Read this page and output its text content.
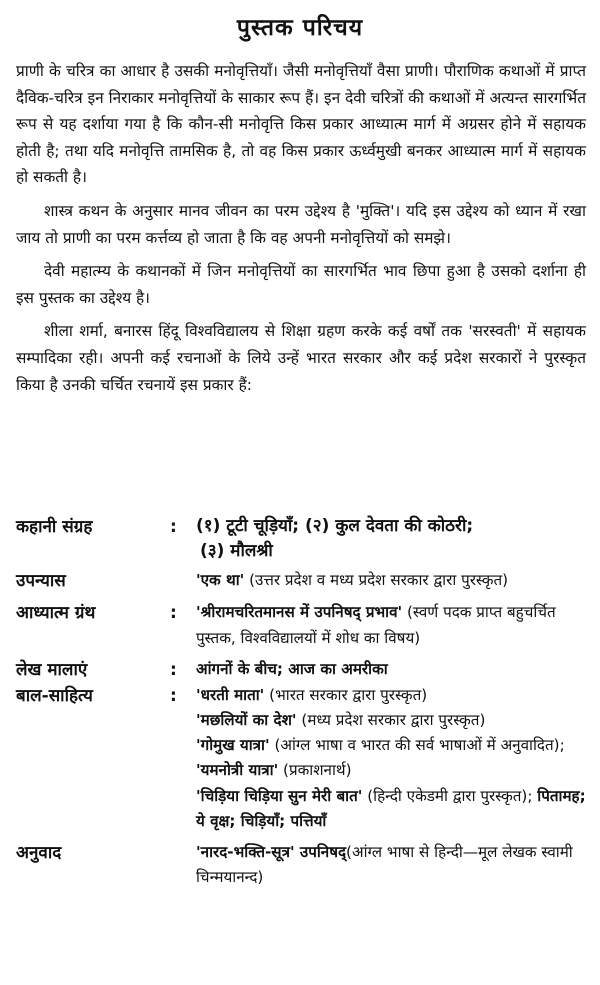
पुस्तक परिचय

प्राणी के चरित्र का आधार है उसकी मनोवृत्तियाँ। जैसी मनोवृत्तियाँ वैसा प्राणी। पौराणिक कथाओं में प्राप्त दैविक-चरित्र इन निराकार मनोवृत्तियों के साकार रूप हैं। इन देवी चरित्रों की कथाओं में अत्यन्त सारगर्भित रूप से यह दर्शाया गया है कि कौन-सी मनोवृत्ति किस प्रकार आध्यात्म मार्ग में अग्रसर होने में सहायक होती है; तथा यदि मनोवृत्ति तामसिक है, तो वह किस प्रकार ऊर्ध्वमुखी बनकर आध्यात्म मार्ग में सहायक हो सकती है।

शास्त्र कथन के अनुसार मानव जीवन का परम उद्देश्य है 'मुक्ति'। यदि इस उद्देश्य को ध्यान में रखा जाय तो प्राणी का परम कर्त्तव्य हो जाता है कि वह अपनी मनोवृत्तियों को समझे।

देवी महात्म्य के कथानकों में जिन मनोवृत्तियों का सारगर्भित भाव छिपा हुआ है उसको दर्शाना ही इस पुस्तक का उद्देश्य है।

शीला शर्मा, बनारस हिंदू विश्वविद्यालय से शिक्षा ग्रहण करके कई वर्षों तक 'सरस्वती' में सहायक सम्पादिका रही। अपनी कई रचनाओं के लिये उन्हें भारत सरकार और कई प्रदेश सरकारों ने पुरस्कृत किया है उनकी चर्चित रचनायें इस प्रकार हैं:

कहानी संग्रह	:	(१) टूटी चूड़ियाँ; (२) कुल देवता की कोठरी;

(३) मौलश्री

उपन्यास	'एक था' (उत्तर प्रदेश व मध्य प्रदेश सरकार द्वारा पुरस्कृत)
आध्यात्म ग्रंथ	:	'श्रीरामचरितमानस में उपनिषद् प्रभाव' (स्वर्ण पदक प्राप्त बहुचर्चित पुस्तक, विश्वविद्यालयों में शोध का विषय)
लेख मालाएं	:	आंगनों के बीच; आज का अमरीका
बाल-साहित्य	:	'धरती माता' (भारत सरकार द्वारा पुरस्कृत)

'मछलियों का देश' (मध्य प्रदेश सरकार द्वारा पुरस्कृत)

'गोमुख यात्रा' (आंग्ल भाषा व भारत की सर्व भाषाओं में अनुवादित); 'यमनोत्री यात्रा' (प्रकाशनार्थ)

'चिड़िया चिड़िया सुन मेरी बात' (हिन्दी एकेडमी द्वारा पुरस्कृत); पितामह; ये वृक्ष; चिड़ियाँ; पत्तियाँ

अनुवाद	'नारद-भक्ति-सूत्र' उपनिषद्(आंग्ल भाषा से हिन्दी—मूल लेखक स्वामी चिन्मयानन्द)
